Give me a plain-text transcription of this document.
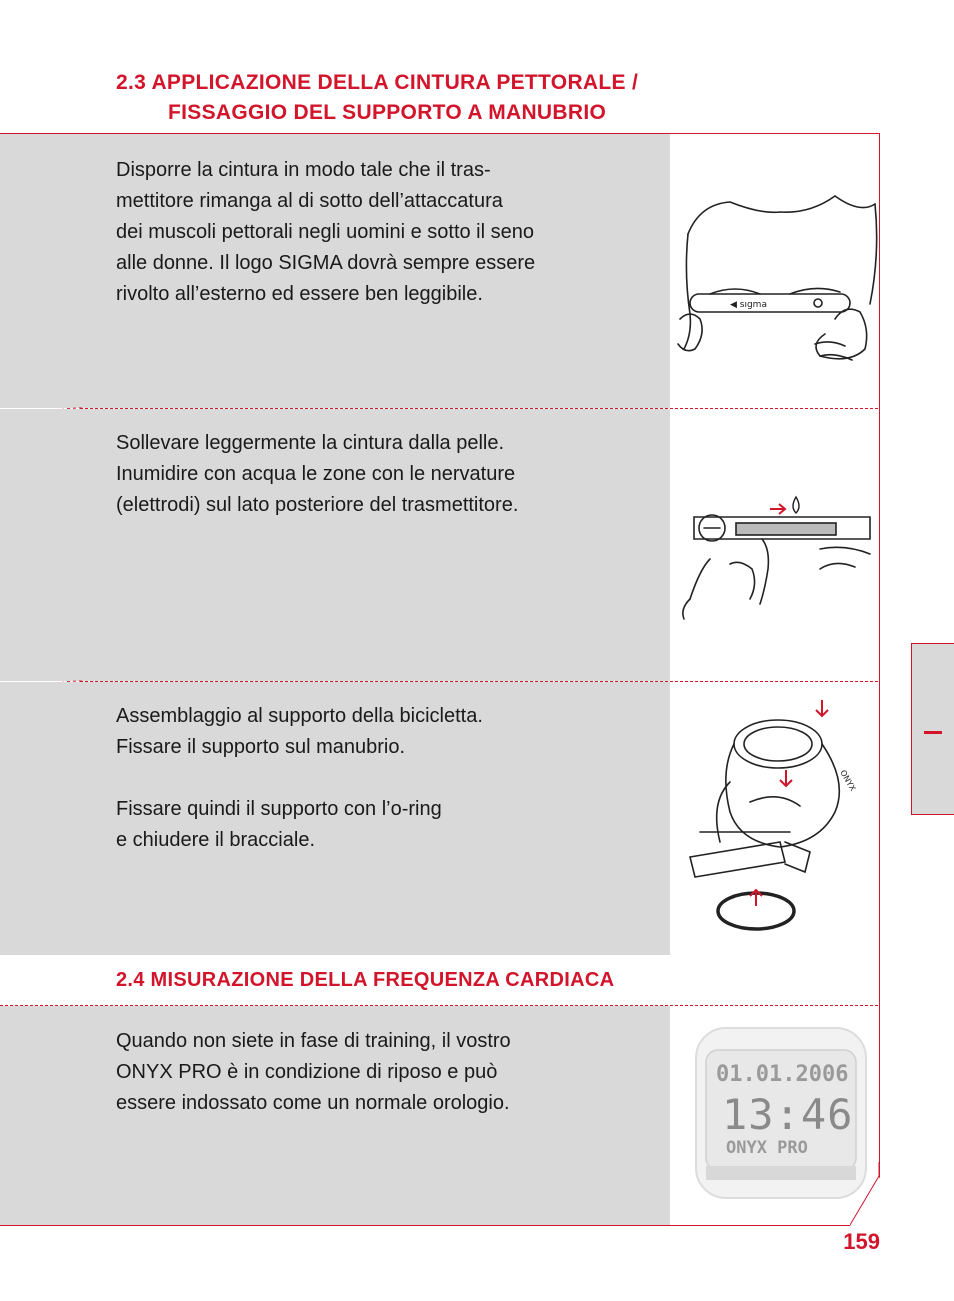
2.3 APPLICAZIONE DELLA CINTURA PETTORALE /
FISSAGGIO DEL SUPPORTO A MANUBRIO
◀ sıgma

Disporre la cintura in modo tale che il tras-
mettitore rimanga al di sotto dell’attaccatura
dei muscoli pettorali negli uomini e sotto il seno
alle donne. Il logo SIGMA dovrà sempre essere
rivolto all’esterno ed essere ben leggibile.

Sollevare leggermente la cintura dalla pelle.
Inumidire con acqua le zone con le nervature
(elettrodi) sul lato posteriore del trasmettitore.

ONYX

Assemblaggio al supporto della bicicletta.
Fissare il supporto sul manubrio.

Fissare quindi il supporto con l’o-ring
e chiudere il bracciale.

2.4 MISURAZIONE DELLA FREQUENZA CARDIACA
01.01.2006
13:46
ONYX PRO

Quando non siete in fase di training, il vostro
ONYX PRO è in condizione di riposo e può
essere indossato come un normale orologio.

159
